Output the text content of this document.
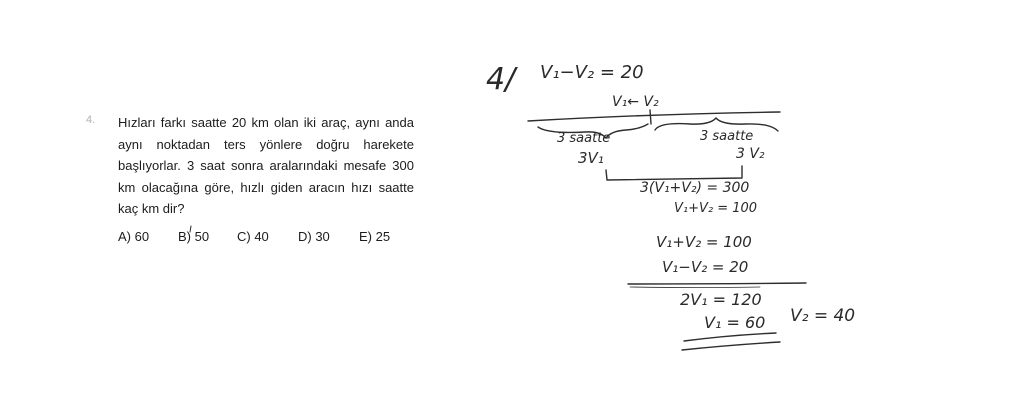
4. Hızları farkı saatte 20 km olan iki araç, aynı anda aynı noktadan ters yönlere doğru harekete başlıyorlar. 3 saat sonra aralarındaki mesafe 300 km olacağına göre, hızlı giden aracın hızı saatte kaç km dir?
A) 60 B) 50 C) 40 D) 30 E) 25
4/ V₁−V₂ = 20
V₁← V₂
3 saatte
3V₁
3 saatte
3 V₂
3(V₁+V₂) = 300
V₁+V₂ = 100
V₁+V₂ = 100
V₁−V₂ = 20
2V₁ = 120
V₁ = 60 V₂ = 40
